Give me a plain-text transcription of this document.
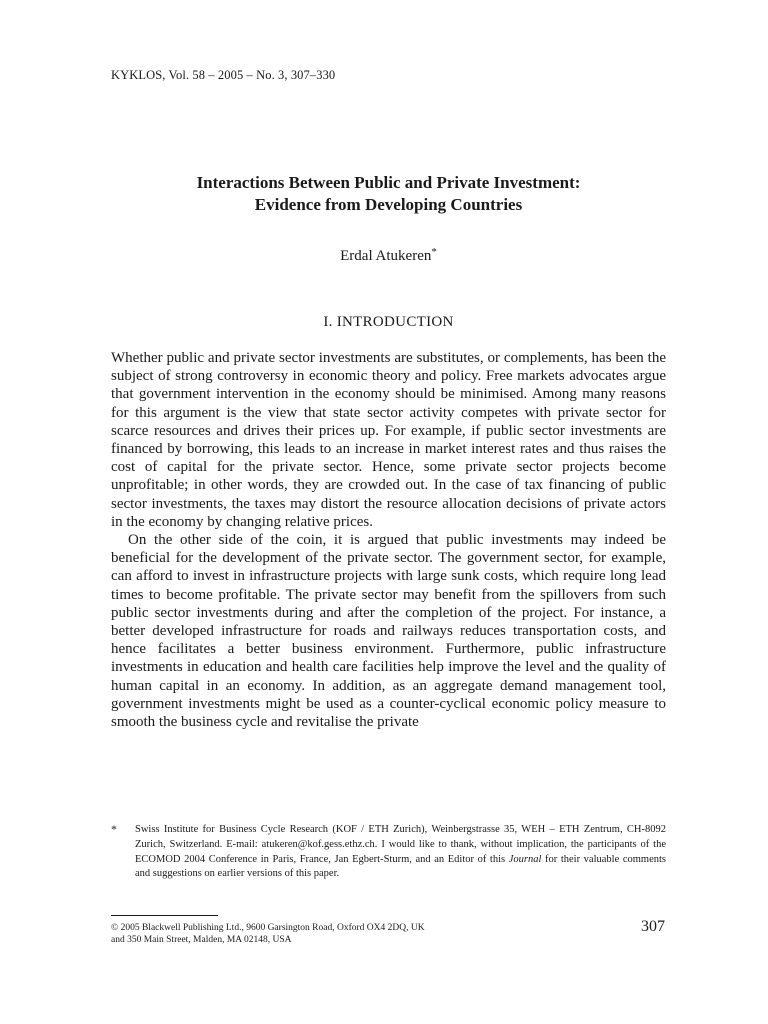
KYKLOS, Vol. 58 – 2005 – No. 3, 307–330
Interactions Between Public and Private Investment:
Evidence from Developing Countries
Erdal Atukeren*
I. INTRODUCTION

Whether public and private sector investments are substitutes, or complements, has been the subject of strong controversy in economic theory and policy. Free markets advocates argue that government intervention in the economy should be minimised. Among many reasons for this argument is the view that state sector activity competes with private sector for scarce resources and drives their prices up. For example, if public sector investments are financed by borrowing, this leads to an increase in market interest rates and thus raises the cost of capital for the private sector. Hence, some private sector projects become unprofitable; in other words, they are crowded out. In the case of tax financing of public sector investments, the taxes may distort the resource allocation decisions of private actors in the economy by changing relative prices.

On the other side of the coin, it is argued that public investments may indeed be beneficial for the development of the private sector. The government sector, for example, can afford to invest in infrastructure projects with large sunk costs, which require long lead times to become profitable. The private sector may benefit from the spillovers from such public sector investments during and after the completion of the project. For instance, a better developed infrastructure for roads and railways reduces transportation costs, and hence facilitates a better business environment. Furthermore, public infrastructure investments in education and health care facilities help improve the level and the quality of human capital in an economy. In addition, as an aggregate demand management tool, government investments might be used as a counter-cyclical economic policy measure to smooth the business cycle and revitalise the private

* Swiss Institute for Business Cycle Research (KOF / ETH Zurich), Weinbergstrasse 35, WEH – ETH Zentrum, CH-8092 Zurich, Switzerland. E-mail: atukeren@kof.gess.ethz.ch. I would like to thank, without implication, the participants of the ECOMOD 2004 Conference in Paris, France, Jan Egbert-Sturm, and an Editor of this Journal for their valuable comments and suggestions on earlier versions of this paper.
© 2005 Blackwell Publishing Ltd., 9600 Garsington Road, Oxford OX4 2DQ, UK
and 350 Main Street, Malden, MA 02148, USA
307
